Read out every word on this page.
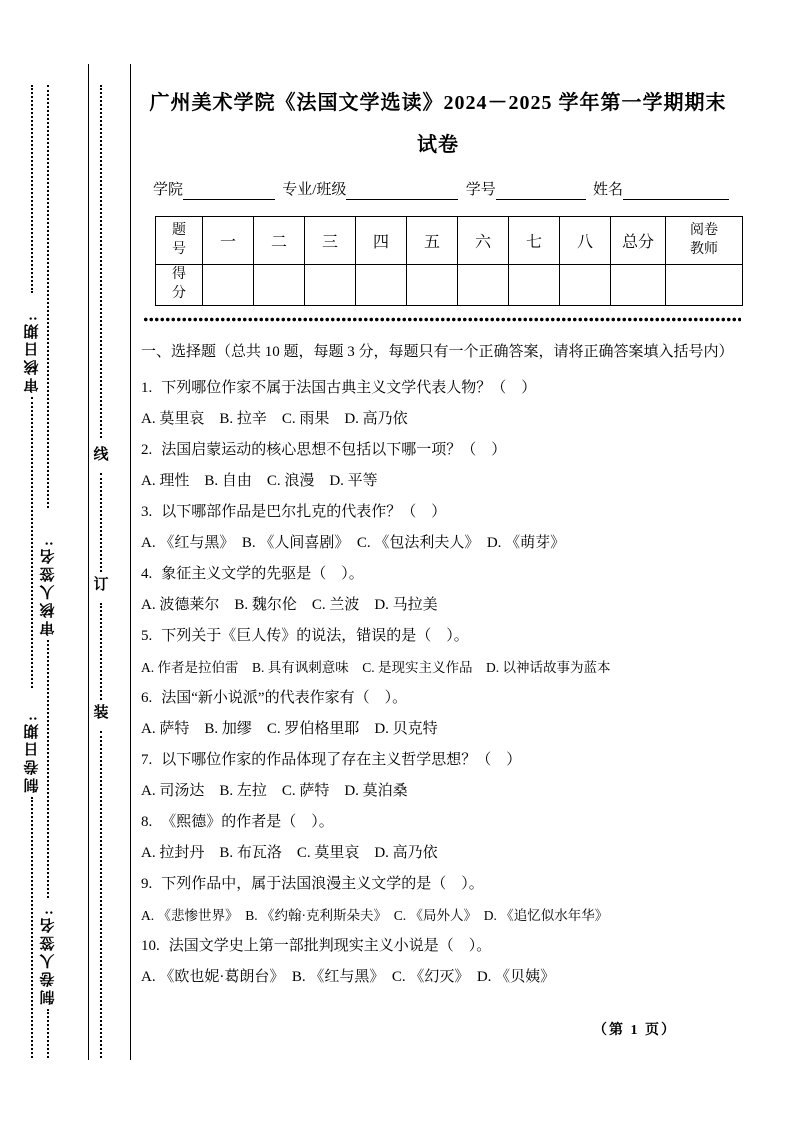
审核日期:
制卷日期:
审核人签名:
制卷人签名:
线
订
装
广州美术学院《法国文学选读》2024－2025 学年第一学期期末试卷
学院	专业/班级	学号	姓名
题号	一	二	三	四	五	六	七	八	总分	阅卷教师
得分										
一、选择题（总共 10 题，每题 3 分，每题只有一个正确答案，请将正确答案填入括号内）
1. 下列哪位作家不属于法国古典主义文学代表人物？（　）
A. 莫里哀　B. 拉辛　C. 雨果　D. 高乃依
2. 法国启蒙运动的核心思想不包括以下哪一项？（　）
A. 理性　B. 自由　C. 浪漫　D. 平等
3. 以下哪部作品是巴尔扎克的代表作？（　）
A. 《红与黑》　B. 《人间喜剧》　C. 《包法利夫人》　D. 《萌芽》
4. 象征主义文学的先驱是（　）。
A. 波德莱尔　B. 魏尔伦　C. 兰波　D. 马拉美
5. 下列关于《巨人传》的说法，错误的是（　）。
A. 作者是拉伯雷　B. 具有讽刺意味　C. 是现实主义作品　D. 以神话故事为蓝本
6. 法国“新小说派”的代表作家有（　）。
A. 萨特　B. 加缪　C. 罗伯格里耶　D. 贝克特
7. 以下哪位作家的作品体现了存在主义哲学思想？（　）
A. 司汤达　B. 左拉　C. 萨特　D. 莫泊桑
8. 《熙德》的作者是（　）。
A. 拉封丹　B. 布瓦洛　C. 莫里哀　D. 高乃依
9. 下列作品中，属于法国浪漫主义文学的是（　）。
A. 《悲惨世界》　B. 《约翰·克利斯朵夫》　C. 《局外人》　D. 《追忆似水年华》
10. 法国文学史上第一部批判现实主义小说是（　）。
A. 《欧也妮·葛朗台》　B. 《红与黑》　C. 《幻灭》　D. 《贝姨》
（第 1 页）
